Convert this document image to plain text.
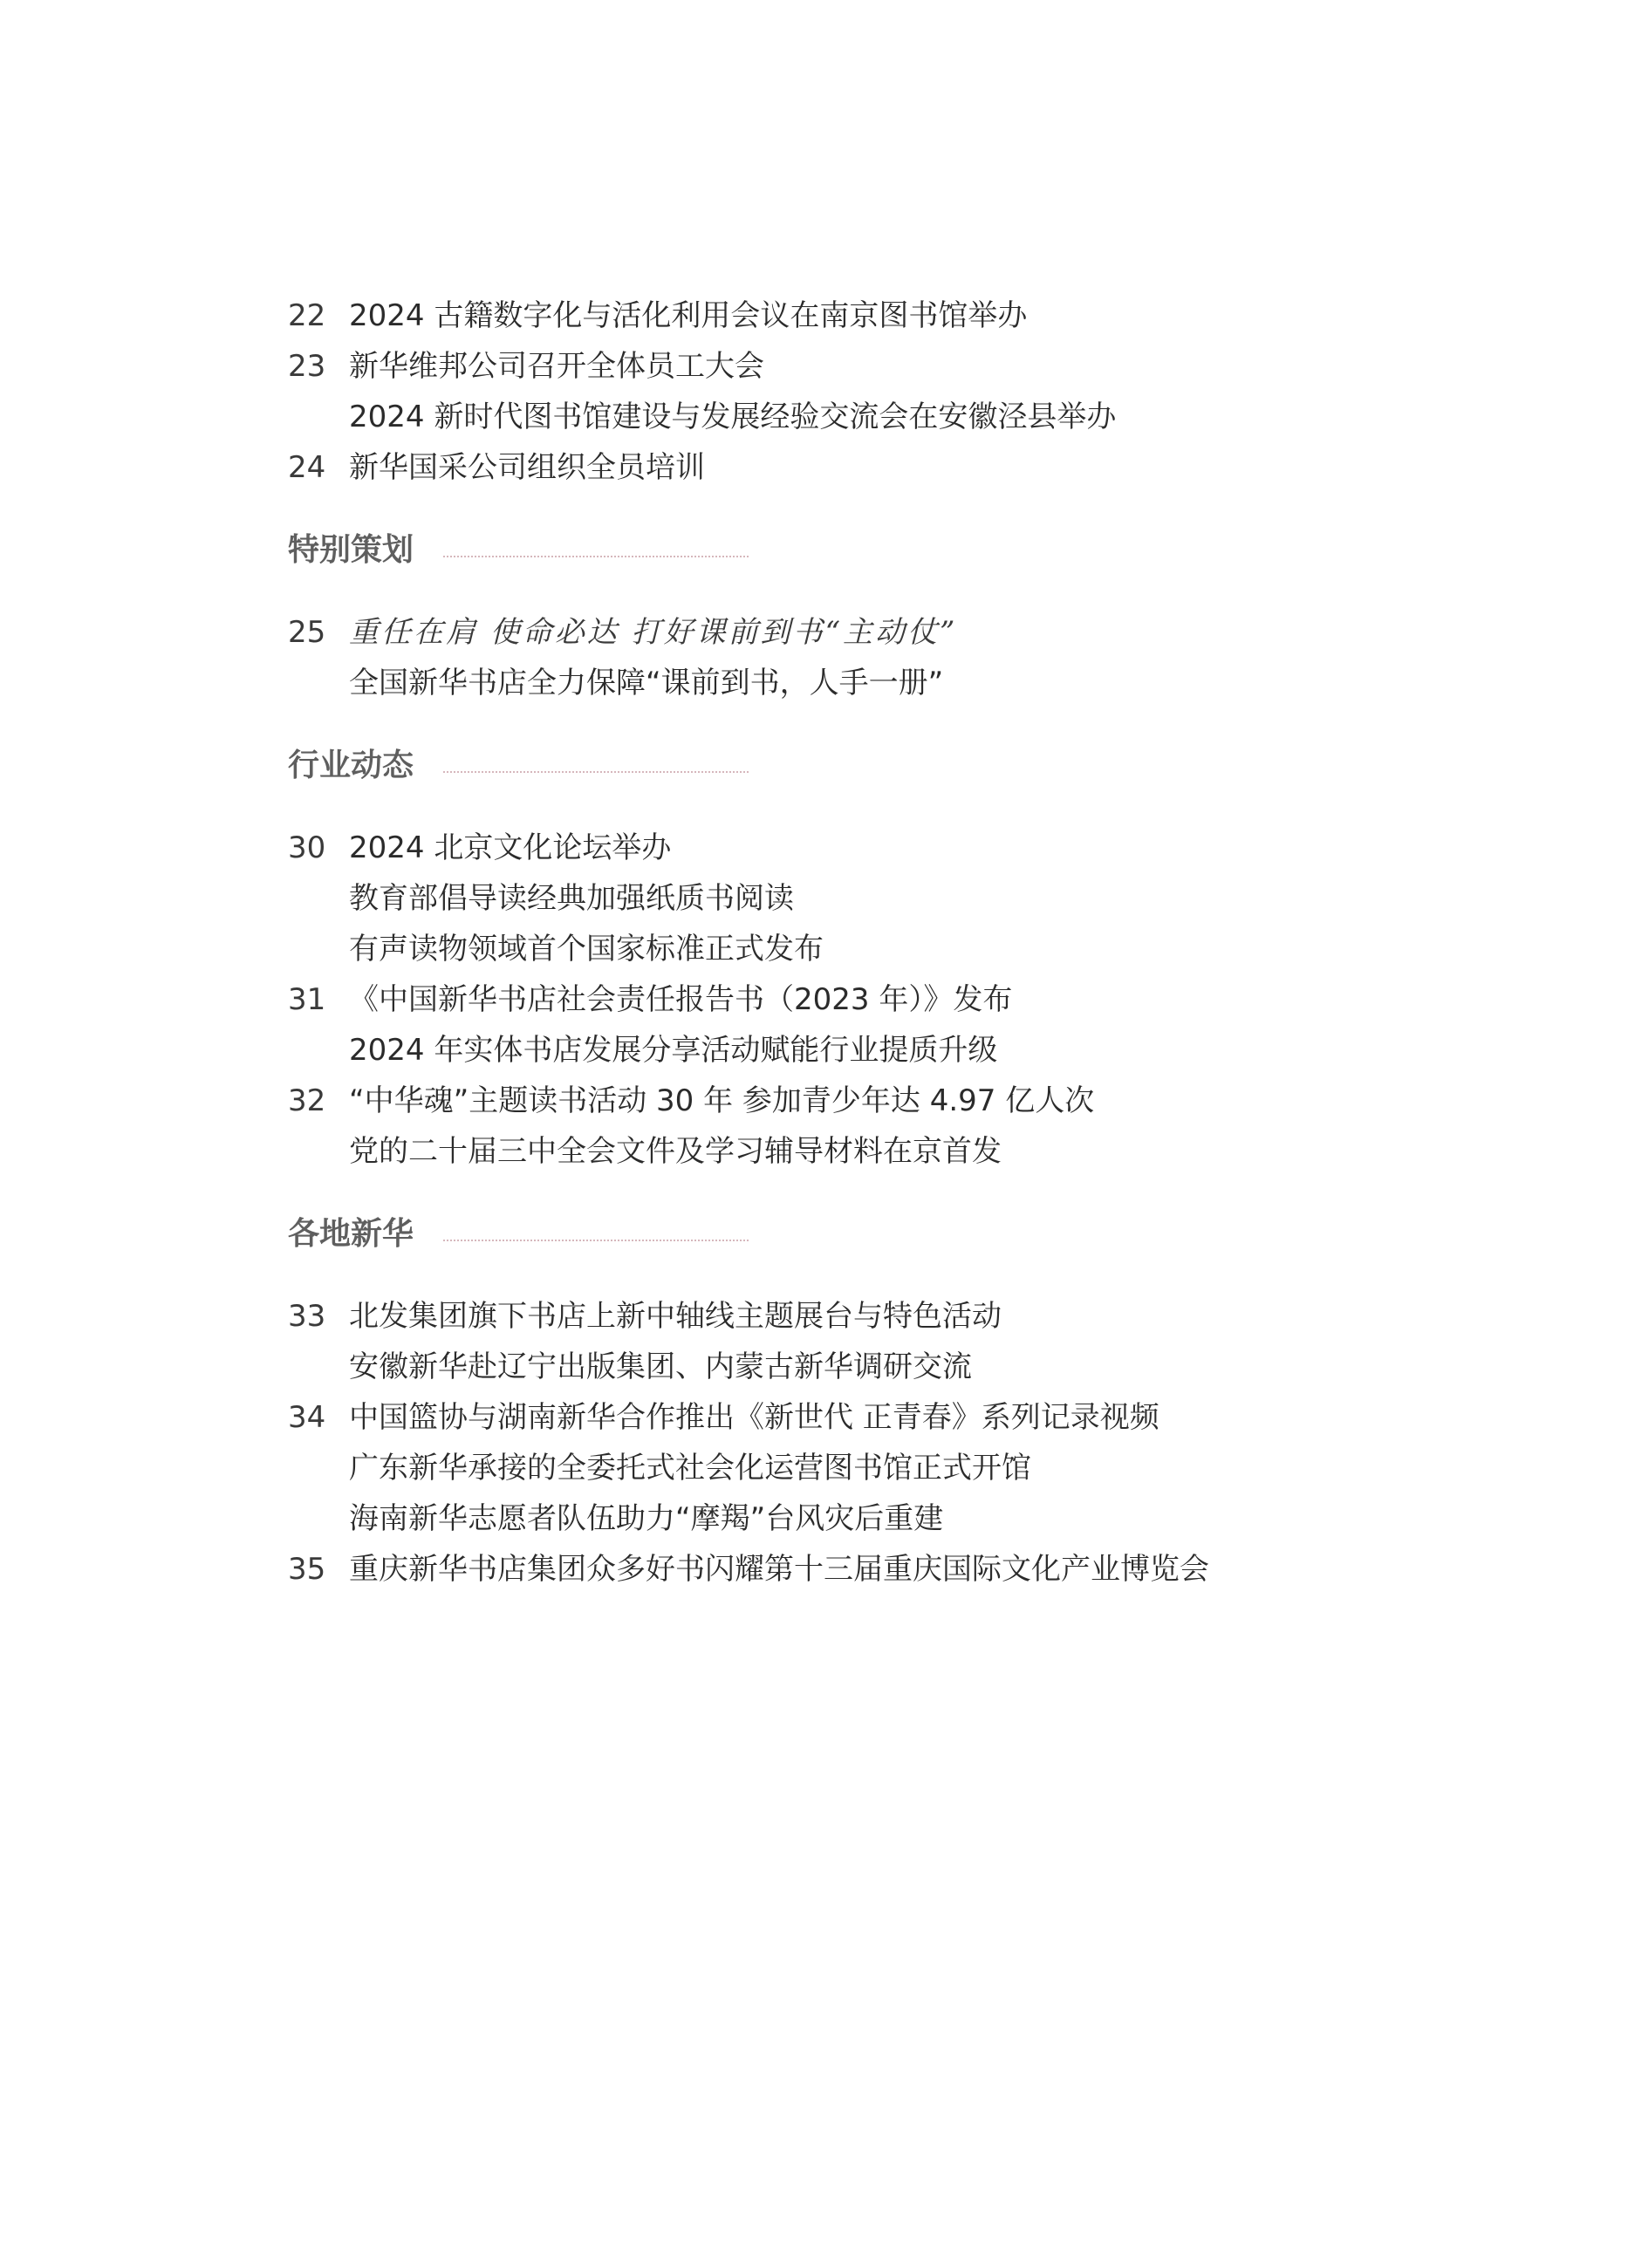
22 2024 古籍数字化与活化利用会议在南京图书馆举办
23 新华维邦公司召开全体员工大会
2024 新时代图书馆建设与发展经验交流会在安徽泾县举办
24 新华国采公司组织全员培训
特别策划
25 重任在肩 使命必达 打好课前到书“主动仗”
全国新华书店全力保障“课前到书，人手一册”
行业动态
30 2024 北京文化论坛举办
教育部倡导读经典加强纸质书阅读
有声读物领域首个国家标准正式发布
31 《中国新华书店社会责任报告书（2023 年）》发布
2024 年实体书店发展分享活动赋能行业提质升级
32 “中华魂”主题读书活动 30 年 参加青少年达 4.97 亿人次
党的二十届三中全会文件及学习辅导材料在京首发
各地新华
33 北发集团旗下书店上新中轴线主题展台与特色活动
安徽新华赴辽宁出版集团、内蒙古新华调研交流
34 中国篮协与湖南新华合作推出《新世代 正青春》系列记录视频
广东新华承接的全委托式社会化运营图书馆正式开馆
海南新华志愿者队伍助力“摩羯”台风灾后重建
35 重庆新华书店集团众多好书闪耀第十三届重庆国际文化产业博览会
